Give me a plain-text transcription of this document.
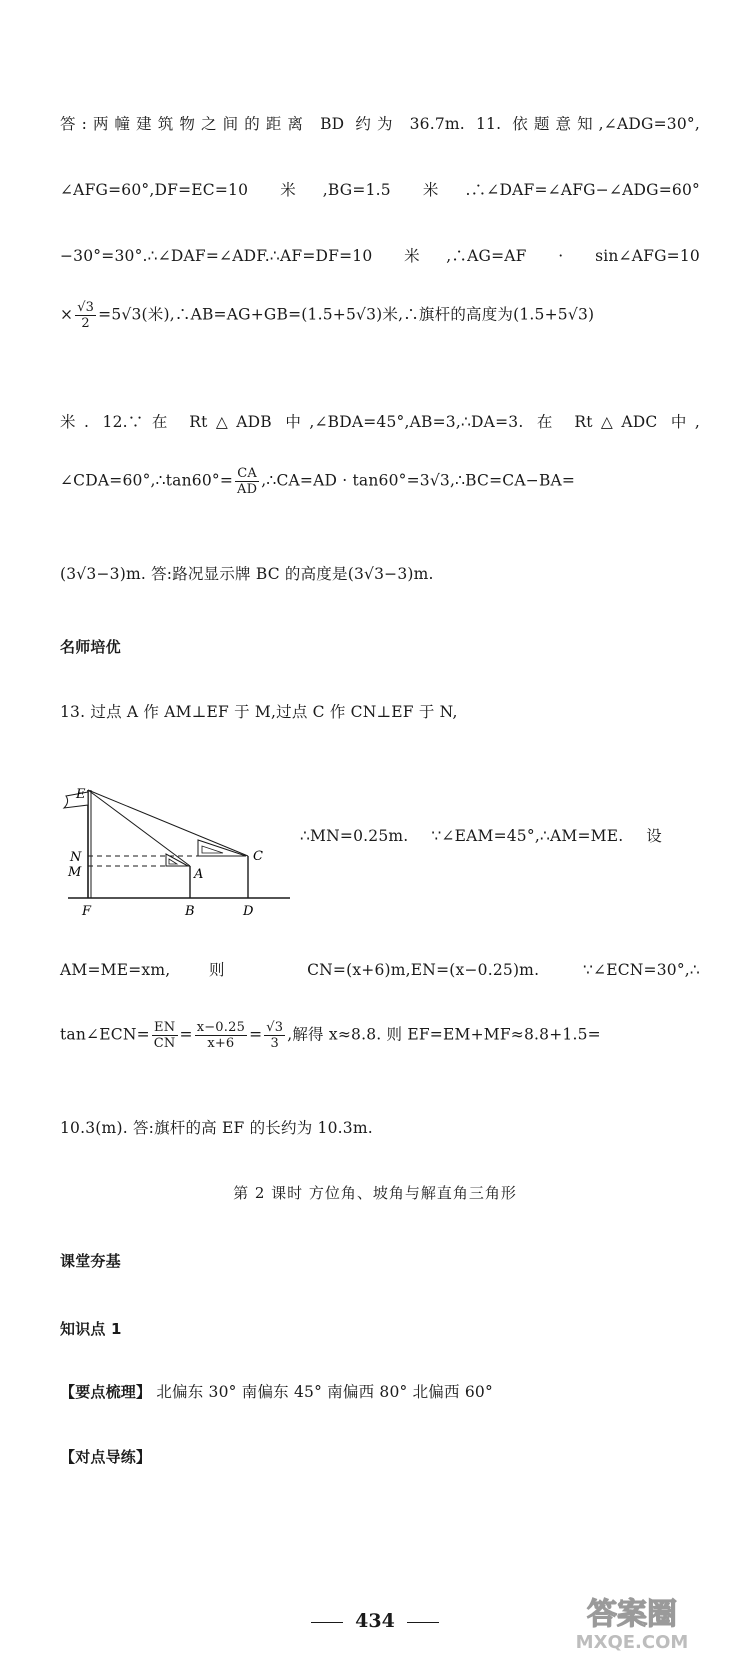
答:两幢建筑物之间的距离 BD 约为 36.7m. 11. 依题意知,∠ADG=30°,
∠AFG=60°,DF=EC=10 米,BG=1.5 米.∴∠DAF=∠AFG−∠ADG=60°
−30°=30°.∴∠DAF=∠ADF.∴AF=DF=10 米,∴AG=AF · sin∠AFG=10
× $\frac{√3}{2} =5√3$(米),∴AB=AG+GB=(1.5+5√3)米,∴旗杆的高度为(1.5+5√3)
米. 12.∵在 Rt△ADB 中,∠BDA=45°,AB=3,∴DA=3. 在 Rt△ADC 中,
∠CDA=60°,∴tan60°= $\frac{CA}{AD}$ ,∴CA=AD · tan60°=3√3,∴BC=CA−BA=
(3√3−3)m. 答:路况显示牌 BC 的高度是(3√3−3)m.
名师培优
13. 过点 A 作 AM⊥EF 于 M,过点 C 作 CN⊥EF 于 N,
E
N
M
F
A
B
C
D
∴MN=0.25m. ∵∠EAM=45°,∴AM=ME. 设
AM=ME=xm,则 CN=(x+6)m,EN=(x−0.25)m. ∵∠ECN=30°,∴
tan∠ECN= $\frac{EN}{CN} = \frac{x-0.25}{x+6} = \frac{√3}{3}$ ,解得 x≈8.8. 则 EF=EM+MF≈8.8+1.5=
10.3(m). 答:旗杆的高 EF 的长约为 10.3m.
第 2 课时 方位角、坡角与解直角三角形
课堂夯基
知识点 1
【要点梳理】 北偏东 30° 南偏东 45° 南偏西 80° 北偏西 60°
【对点导练】
434	答案圈
MXQE.COM
